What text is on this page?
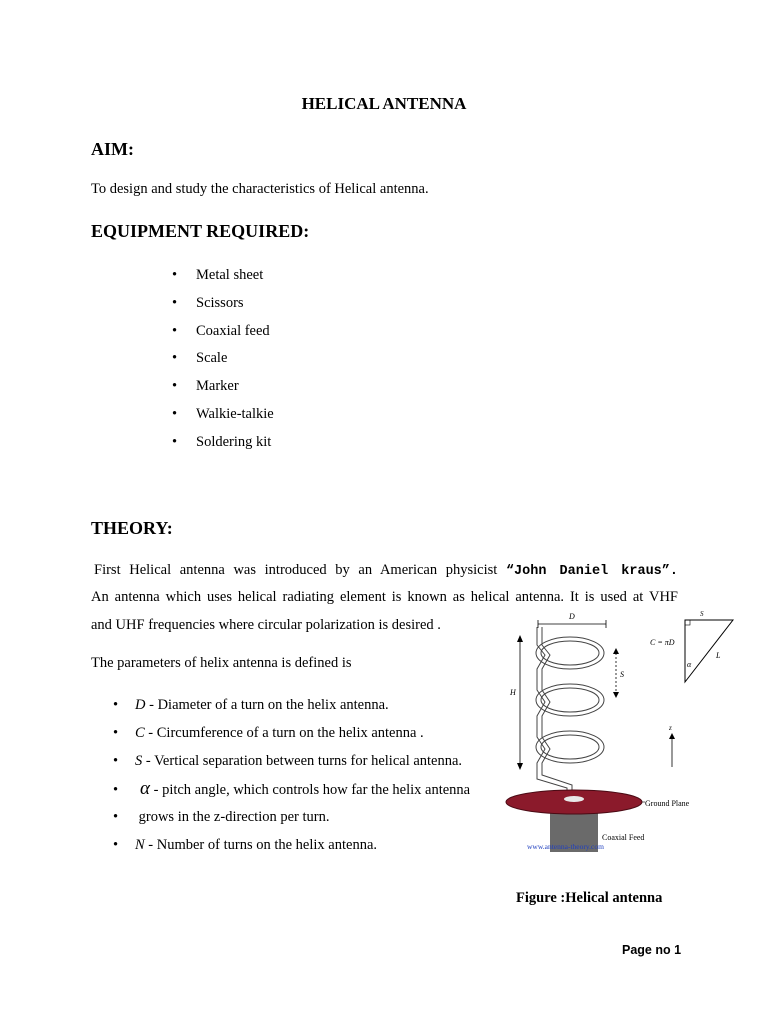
HELICAL ANTENNA
AIM:
To design and study the characteristics of Helical antenna.
EQUIPMENT REQUIRED:
• Metal sheet
• Scissors
• Coaxial feed
• Scale
• Marker
• Walkie-talkie
• Soldering kit
THEORY:
First Helical antenna was introduced by an American physicist “John Daniel kraus”.
An antenna which uses helical radiating element is known as helical antenna. It is used at VHF
and UHF frequencies where circular polarization is desired .
The parameters of helix antenna is defined is
• D - Diameter of a turn on the helix antenna.
• C - Circumference of a turn on the helix antenna .
• S - Vertical separation between turns for helical antenna.
• α - pitch angle, which controls how far the helix antenna
• grows in the z-direction per turn.
• N - Number of turns on the helix antenna.
D
H
S
z
S
C = πD
L
α
Ground Plane
Coaxial Feed
www.antenna-theory.com
Figure :Helical antenna
Page no 1
